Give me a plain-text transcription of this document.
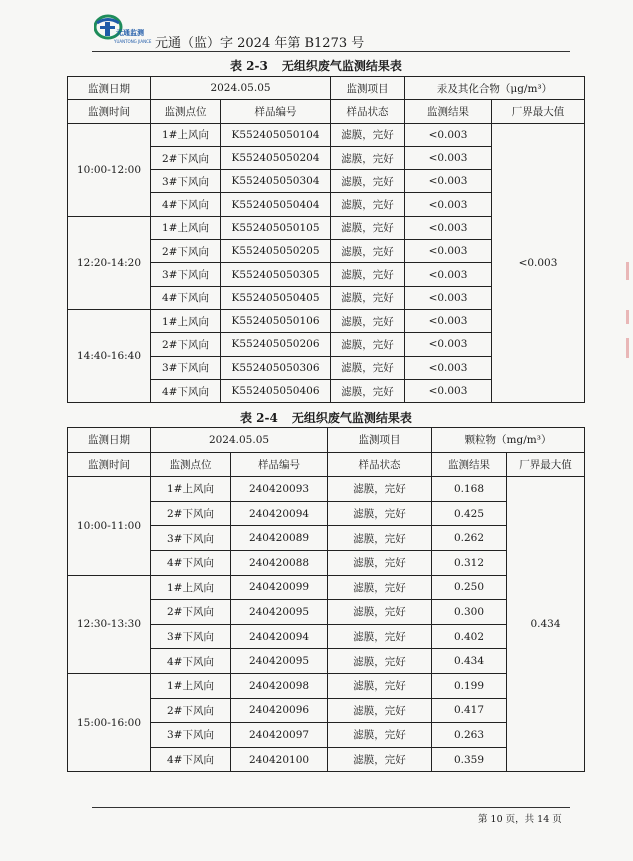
元通监测
YUANTONG JIANCE 元通（监）字 2024 年第 B1273 号
表 2-3 无组织废气监测结果表
监测日期	2024.05.05		监测项目	汞及其化合物（μg/m³）	
监测时间	监测点位	样品编号	样品状态	监测结果	厂界最大值
10:00-12:00	1#上风向	K552405050104	滤膜，完好	<0.003	<0.003
	2#下风向	K552405050204	滤膜，完好	<0.003	
	3#下风向	K552405050304	滤膜，完好	<0.003	
	4#下风向	K552405050404	滤膜，完好	<0.003	
12:20-14:20	1#上风向	K552405050105	滤膜，完好	<0.003	
	2#下风向	K552405050205	滤膜，完好	<0.003	
	3#下风向	K552405050305	滤膜，完好	<0.003	
	4#下风向	K552405050405	滤膜，完好	<0.003	
14:40-16:40	1#上风向	K552405050106	滤膜，完好	<0.003	
	2#下风向	K552405050206	滤膜，完好	<0.003	
	3#下风向	K552405050306	滤膜，完好	<0.003	
	4#下风向	K552405050406	滤膜，完好	<0.003	
表 2-4 无组织废气监测结果表
监测日期	2024.05.05		监测项目	颗粒物（mg/m³）	
监测时间	监测点位	样品编号	样品状态	监测结果	厂界最大值
10:00-11:00	1#上风向	240420093	滤膜，完好	0.168	0.434
	2#下风向	240420094	滤膜，完好	0.425	
	3#下风向	240420089	滤膜，完好	0.262	
	4#下风向	240420088	滤膜，完好	0.312	
12:30-13:30	1#上风向	240420099	滤膜，完好	0.250	
	2#下风向	240420095	滤膜，完好	0.300	
	3#下风向	240420094	滤膜，完好	0.402	
	4#下风向	240420095	滤膜，完好	0.434	
15:00-16:00	1#上风向	240420098	滤膜，完好	0.199	
	2#下风向	240420096	滤膜，完好	0.417	
	3#下风向	240420097	滤膜，完好	0.263	
	4#下风向	240420100	滤膜，完好	0.359	
第 10 页，共 14 页
